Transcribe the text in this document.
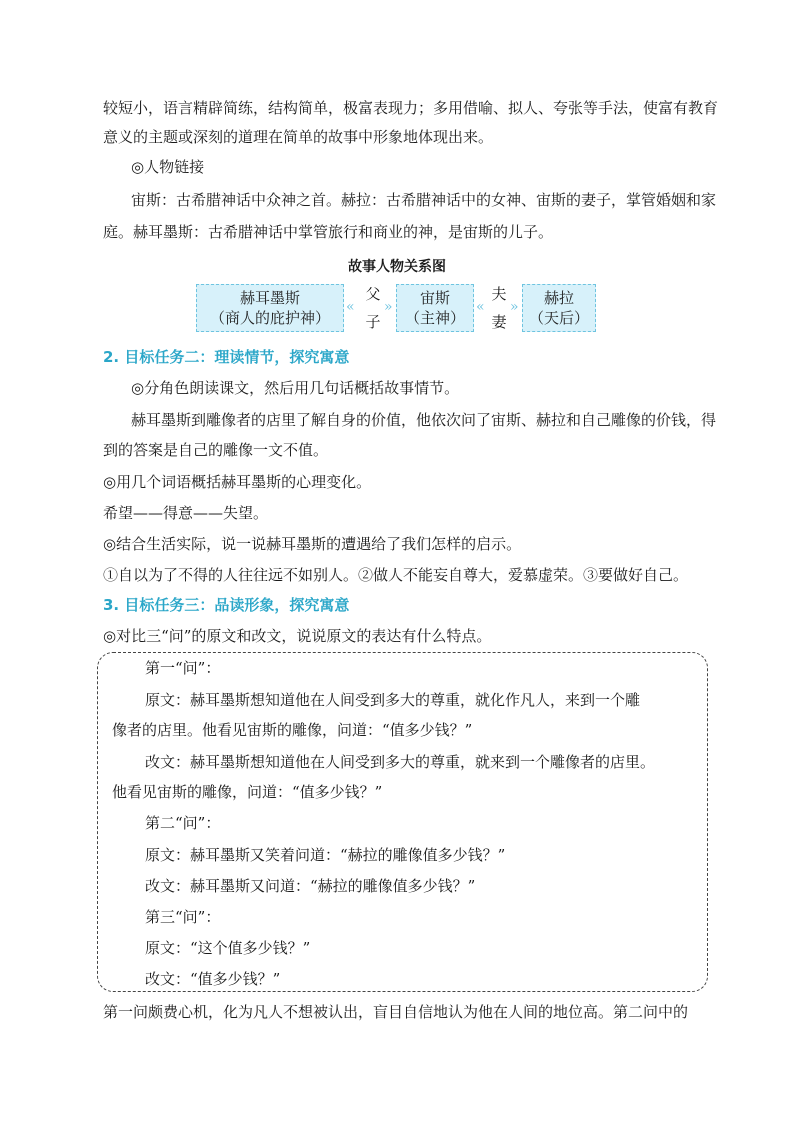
较短小，语言精辟简练，结构简单，极富表现力；多用借喻、拟人、夸张等手法，使富有教育
意义的主题或深刻的道理在简单的故事中形象地体现出来。
◎人物链接
宙斯：古希腊神话中众神之首。赫拉：古希腊神话中的女神、宙斯的妻子，掌管婚姻和家
庭。赫耳墨斯：古希腊神话中掌管旅行和商业的神，是宙斯的儿子。
故事人物关系图
赫耳墨斯
（商人的庇护神）
«
父
子
» 宙斯
（主神）
«
夫
妻
» 赫拉
（天后）
2. 目标任务二：理读情节，探究寓意
◎分角色朗读课文，然后用几句话概括故事情节。
赫耳墨斯到雕像者的店里了解自身的价值，他依次问了宙斯、赫拉和自己雕像的价钱，得
到的答案是自己的雕像一文不值。
◎用几个词语概括赫耳墨斯的心理变化。
希望——得意——失望。
◎结合生活实际，说一说赫耳墨斯的遭遇给了我们怎样的启示。
①自以为了不得的人往往远不如别人。②做人不能妄自尊大，爱慕虚荣。③要做好自己。
3. 目标任务三：品读形象，探究寓意
◎对比三“问”的原文和改文，说说原文的表达有什么特点。
第一“问”：
原文：赫耳墨斯想知道他在人间受到多大的尊重，就化作凡人，来到一个雕
像者的店里。他看见宙斯的雕像，问道：“值多少钱？”
改文：赫耳墨斯想知道他在人间受到多大的尊重，就来到一个雕像者的店里。
他看见宙斯的雕像，问道：“值多少钱？”
第二“问”：
原文：赫耳墨斯又笑着问道：“赫拉的雕像值多少钱？”
改文：赫耳墨斯又问道：“赫拉的雕像值多少钱？”
第三“问”：
原文：“这个值多少钱？”
改文：“值多少钱？”
第一问颇费心机，化为凡人不想被认出，盲目自信地认为他在人间的地位高。第二问中的
